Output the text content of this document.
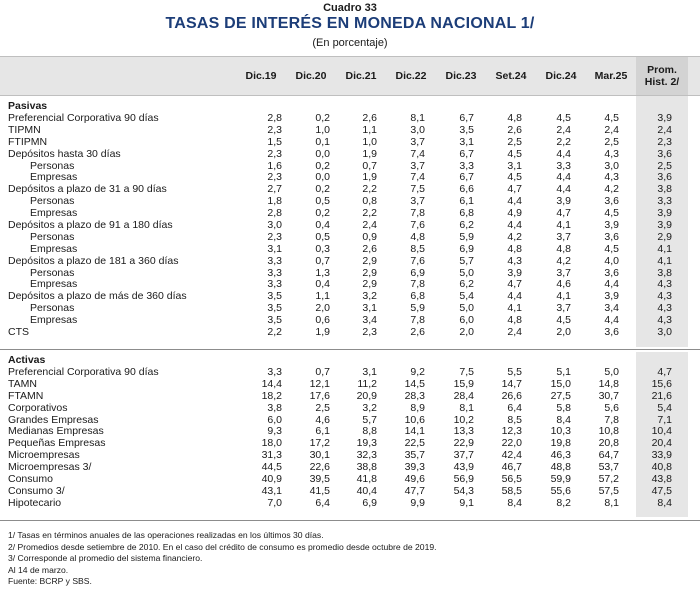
Cuadro 33
TASAS DE INTERÉS EN MONEDA NACIONAL 1/
(En porcentaje)
Dic.19	Dic.20	Dic.21	Dic.22	Dic.23	Set.24	Dic.24	Mar.25	Prom.
Hist. 2/
Pasivas
Preferencial Corporativa 90 días	2,8	0,2	2,6	8,1	6,7	4,8	4,5	4,5	3,9
TIPMN	2,3	1,0	1,1	3,0	3,5	2,6	2,4	2,4	2,4
FTIPMN	1,5	0,1	1,0	3,7	3,1	2,5	2,2	2,5	2,3
Depósitos hasta 30 días	2,3	0,0	1,9	7,4	6,7	4,5	4,4	4,3	3,6
Personas	1,6	0,2	0,7	3,7	3,3	3,1	3,3	3,0	2,5
Empresas	2,3	0,0	1,9	7,4	6,7	4,5	4,4	4,3	3,6
Depósitos a plazo de 31 a 90 días	2,7	0,2	2,2	7,5	6,6	4,7	4,4	4,2	3,8
Personas	1,8	0,5	0,8	3,7	6,1	4,4	3,9	3,6	3,3
Empresas	2,8	0,2	2,2	7,8	6,8	4,9	4,7	4,5	3,9
Depósitos a plazo de 91 a 180 días	3,0	0,4	2,4	7,6	6,2	4,4	4,1	3,9	3,9
Personas	2,3	0,5	0,9	4,8	5,9	4,2	3,7	3,6	2,9
Empresas	3,1	0,3	2,6	8,5	6,9	4,8	4,8	4,5	4,1
Depósitos a plazo de 181 a 360 días	3,3	0,7	2,9	7,6	5,7	4,3	4,2	4,0	4,1
Personas	3,3	1,3	2,9	6,9	5,0	3,9	3,7	3,6	3,8
Empresas	3,3	0,4	2,9	7,8	6,2	4,7	4,6	4,4	4,3
Depósitos a plazo de más de 360 días	3,5	1,1	3,2	6,8	5,4	4,4	4,1	3,9	4,3
Personas	3,5	2,0	3,1	5,9	5,0	4,1	3,7	3,4	4,3
Empresas	3,5	0,6	3,4	7,8	6,0	4,8	4,5	4,4	4,3
CTS	2,2	1,9	2,3	2,6	2,0	2,4	2,0	3,6	3,0
Activas
Preferencial Corporativa 90 días	3,3	0,7	3,1	9,2	7,5	5,5	5,1	5,0	4,7
TAMN	14,4	12,1	11,2	14,5	15,9	14,7	15,0	14,8	15,6
FTAMN	18,2	17,6	20,9	28,3	28,4	26,6	27,5	30,7	21,6
Corporativos	3,8	2,5	3,2	8,9	8,1	6,4	5,8	5,6	5,4
Grandes Empresas	6,0	4,6	5,7	10,6	10,2	8,5	8,4	7,8	7,1
Medianas Empresas	9,3	6,1	8,8	14,1	13,3	12,3	10,3	10,8	10,4
Pequeñas Empresas	18,0	17,2	19,3	22,5	22,9	22,0	19,8	20,8	20,4
Microempresas	31,3	30,1	32,3	35,7	37,7	42,4	46,3	64,7	33,9
Microempresas 3/	44,5	22,6	38,8	39,3	43,9	46,7	48,8	53,7	40,8
Consumo	40,9	39,5	41,8	49,6	56,9	56,5	59,9	57,2	43,8
Consumo 3/	43,1	41,5	40,4	47,7	54,3	58,5	55,6	57,5	47,5
Hipotecario	7,0	6,4	6,9	9,9	9,1	8,4	8,2	8,1	8,4
1/ Tasas en términos anuales de las operaciones realizadas en los últimos 30 días.
2/ Promedios desde setiembre de 2010. En el caso del crédito de consumo es promedio desde octubre de 2019.
3/ Corresponde al promedio del sistema financiero.
Al 14 de marzo.
Fuente: BCRP y SBS.
